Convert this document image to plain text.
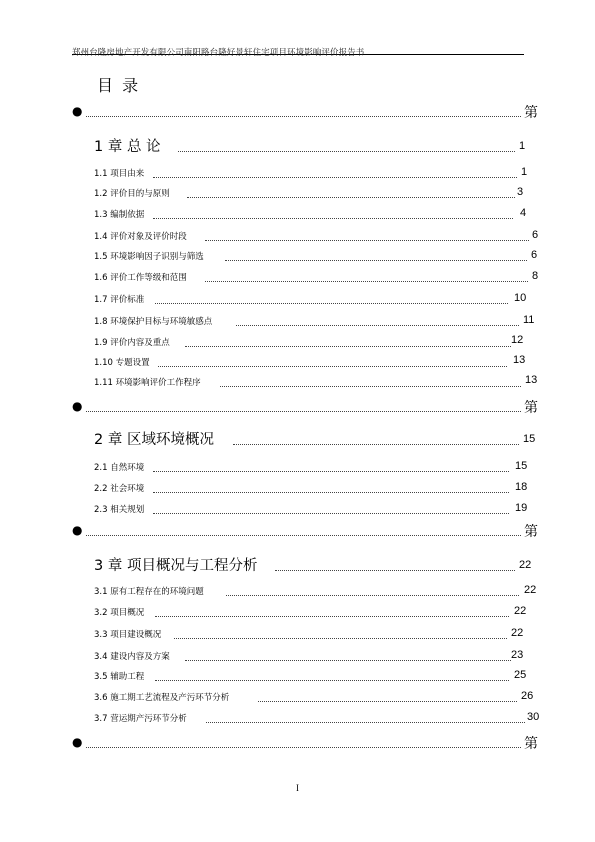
郑州台隆房地产开发有限公司南阳路台隆好景轩住宅项目环境影响评价报告书
目 录
●	第
1 章 总 论	1
1.1 项目由来	1
1.2 评价目的与原则	3
1.3 编制依据	4
1.4 评价对象及评价时段	6
1.5 环境影响因子识别与筛选	6
1.6 评价工作等级和范围	8
1.7 评价标准	10
1.8 环境保护目标与环境敏感点	11
1.9 评价内容及重点	12
1.10 专题设置	13
1.11 环境影响评价工作程序	13
●	第
2 章 区域环境概况	15
2.1 自然环境	15
2.2 社会环境	18
2.3 相关规划	19
●	第
3 章 项目概况与工程分析	22
3.1 原有工程存在的环境问题	22
3.2 项目概况	22
3.3 项目建设概况	22
3.4 建设内容及方案	23
3.5 辅助工程	25
3.6 施工期工艺流程及产污环节分析	26
3.7 营运期产污环节分析	30
●	第
I
